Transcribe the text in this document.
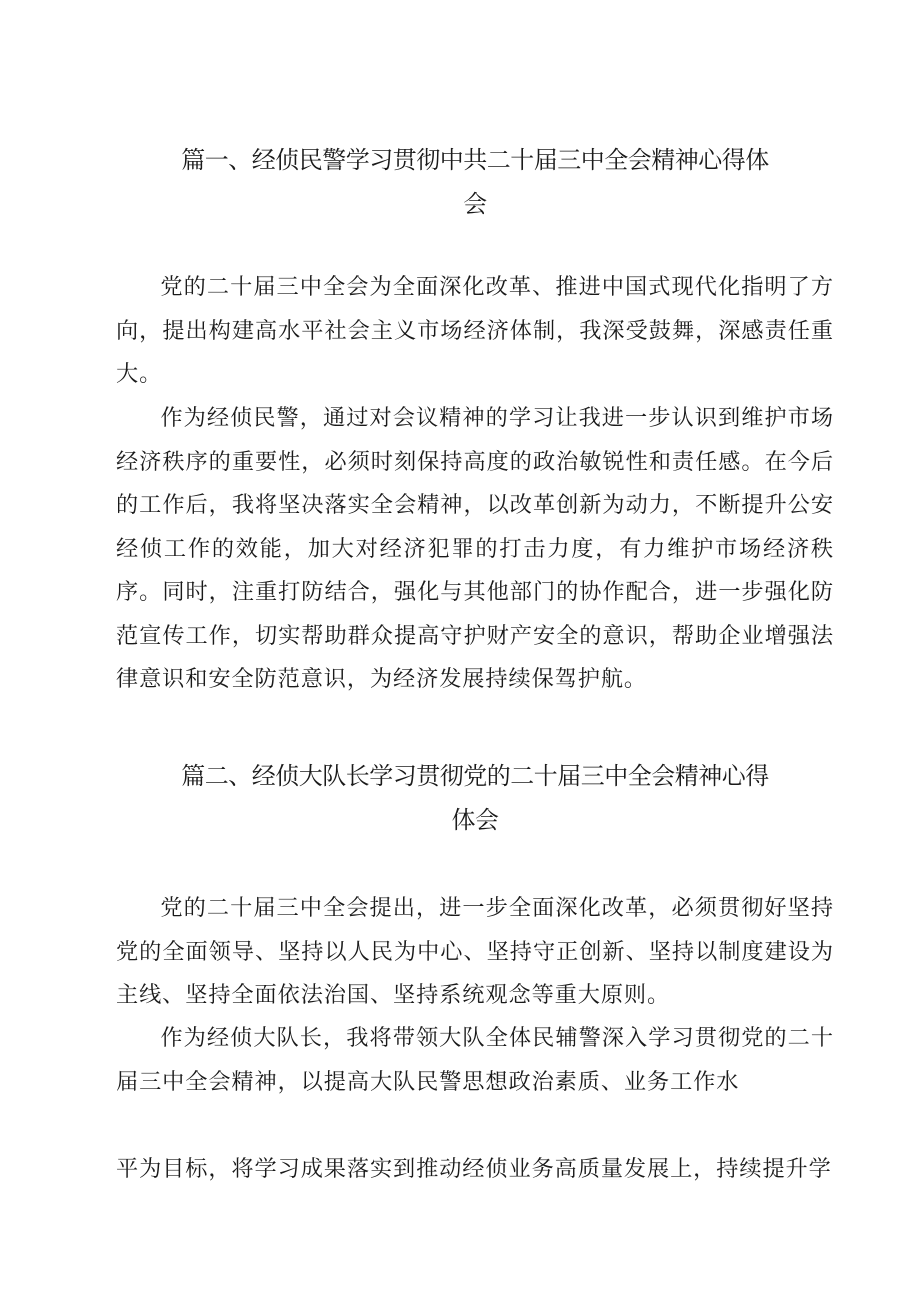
篇一、经侦民警学习贯彻中共二十届三中全会精神心得体
会

党的二十届三中全会为全面深化改革、推进中国式现代化指明了方向，提出构建高水平社会主义市场经济体制，我深受鼓舞，深感责任重大。

作为经侦民警，通过对会议精神的学习让我进一步认识到维护市场经济秩序的重要性，必须时刻保持高度的政治敏锐性和责任感。在今后的工作后，我将坚决落实全会精神，以改革创新为动力，不断提升公安经侦工作的效能，加大对经济犯罪的打击力度，有力维护市场经济秩序。同时，注重打防结合，强化与其他部门的协作配合，进一步强化防范宣传工作，切实帮助群众提高守护财产安全的意识，帮助企业增强法律意识和安全防范意识，为经济发展持续保驾护航。

篇二、经侦大队长学习贯彻党的二十届三中全会精神心得
体会

党的二十届三中全会提出，进一步全面深化改革，必须贯彻好坚持党的全面领导、坚持以人民为中心、坚持守正创新、坚持以制度建设为主线、坚持全面依法治国、坚持系统观念等重大原则。

作为经侦大队长，我将带领大队全体民辅警深入学习贯彻党的二十届三中全会精神，以提高大队民警思想政治素质、业务工作水

平为目标，将学习成果落实到推动经侦业务高质量发展上，持续提升学
